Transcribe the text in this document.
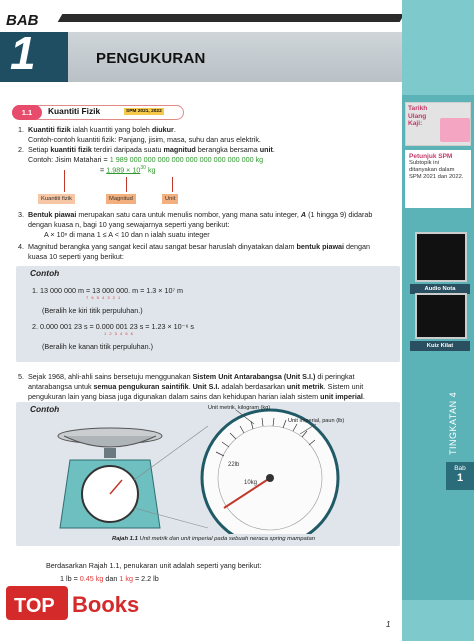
BAB
1	PENGUKURAN
Tarikh Ulang Kaji:
Petunjuk SPM
Subtopik ini ditanyakan dalam SPM 2021 dan 2022.
Audio Nota
Kuiz Kilat
TINGKATAN 4
Bab
1
1.1	Kuantiti Fizik	SPM 2021, 2022
1. Kuantiti fizik ialah kuantiti yang boleh diukur.
Contoh-contoh kuantiti fizik: Panjang, jisim, masa, suhu dan arus elektrik.
2. Setiap kuantiti fizik terdiri daripada suatu magnitud berangka bersama unit.
Contoh: Jisim Matahari = 1 989 000 000 000 000 000 000 000 000 000 kg
= $1.989 \times 10^{30}$ kg
Kuantiti fizik	Magnitud	Unit
3. Bentuk piawai merupakan satu cara untuk menulis nombor, yang mana satu integer, A (1 hingga 9) didarab
dengan kuasa n, bagi 10 yang sewajarnya seperti yang berikut:
A × 10ⁿ di mana 1 ≤ A < 10 dan n ialah suatu integer
4. Magnitud berangka yang sangat kecil atau sangat besar haruslah dinyatakan dalam bentuk piawai dengan
kuasa 10 seperti yang berikut:
Contoh
1. 13 000 000 m = 13 000 000. m = 1.3 × 10⁷ m
7 6 5 4 3 2 1
(Beralih ke kiri titik perpuluhan.)
2. 0.000 001 23 s = 0.000 001 23 s = 1.23 × 10⁻⁶ s
1 2 3 4 5 6
(Beralih ke kanan titik perpuluhan.)
5. Sejak 1968, ahli-ahli sains bersetuju menggunakan Sistem Unit Antarabangsa (Unit S.I.) di peringkat
antarabangsa untuk semua pengukuran saintifik. Unit S.I. adalah berdasarkan unit metrik. Sistem unit
pengukuran lain yang biasa juga digunakan dalam sains dan kehidupan harian ialah sistem unit imperial.
Contoh
22lb
10kg
Unit metrik, kilogram (kg)
Unit imperial, paun (lb)
Rajah 1.1 Unit metrik dan unit imperial pada sebuah neraca spring mampatan
Berdasarkan Rajah 1.1, penukaran unit adalah seperti yang berikut:
1 lb = 0.45 kg dan 1 kg = 2.2 lb
TOP Books
1
